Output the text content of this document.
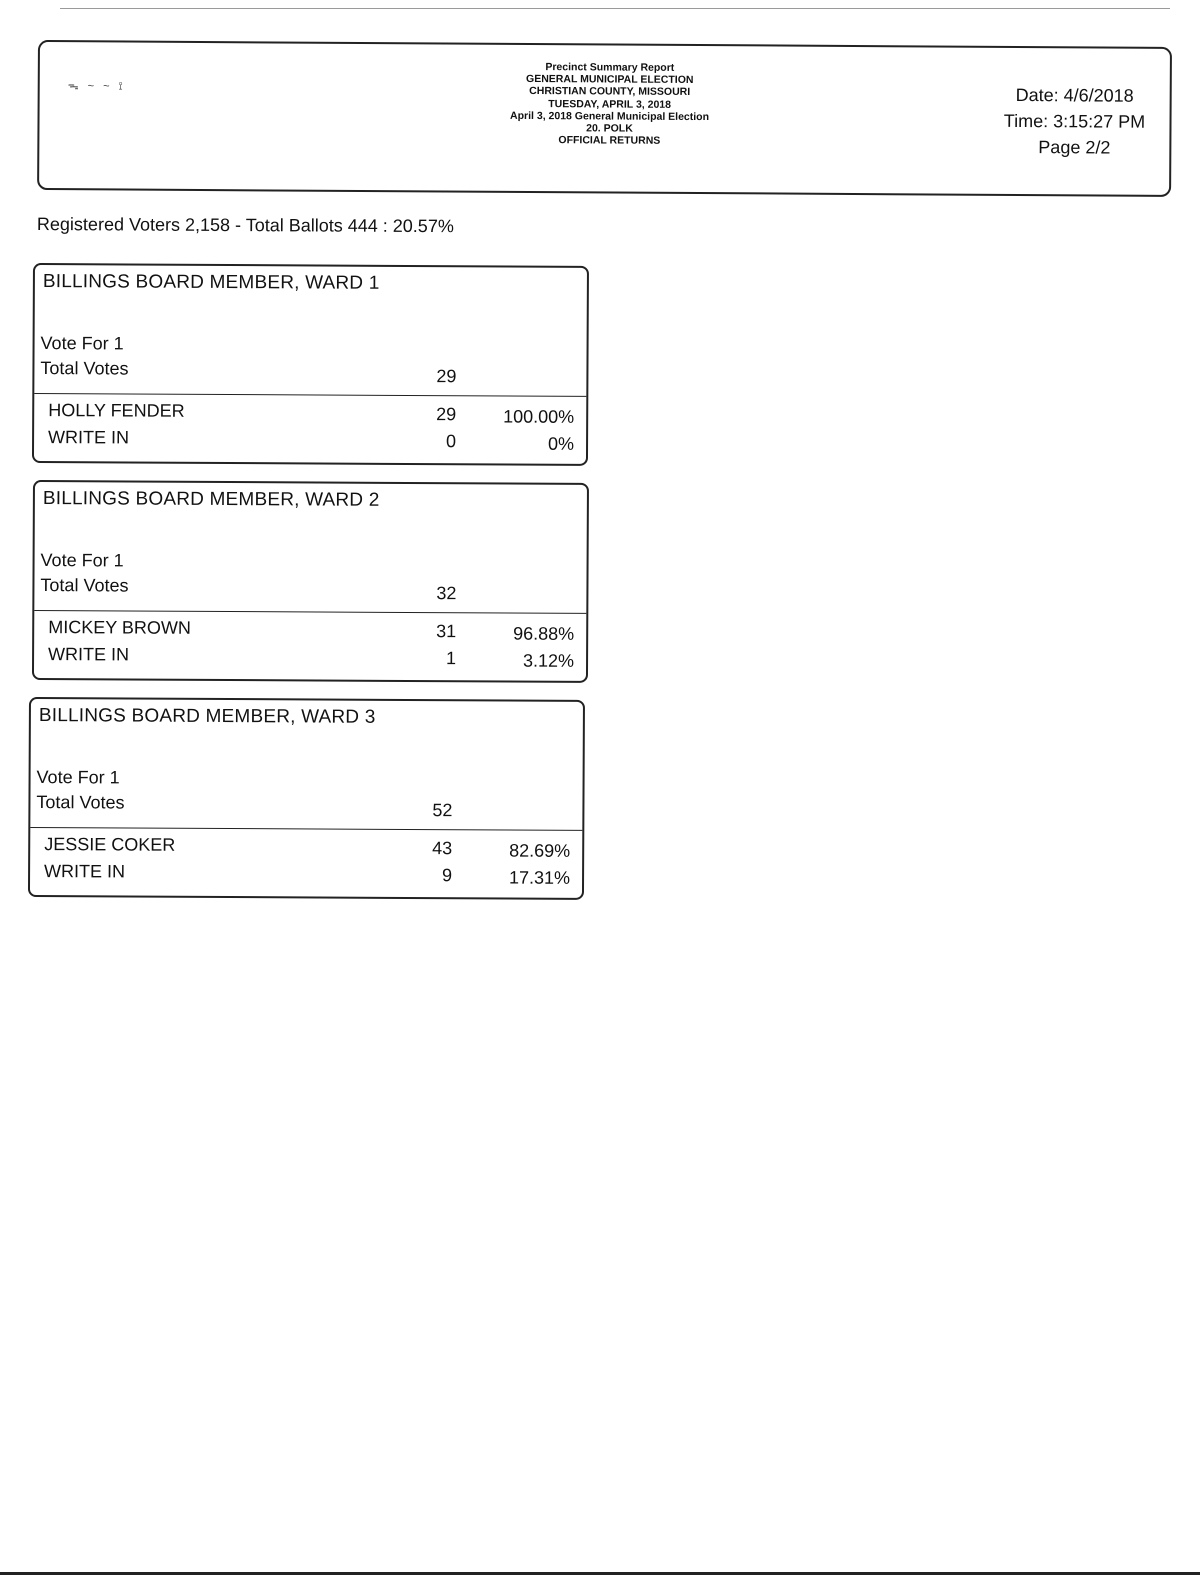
ᯓ ~ ~ ⟟
Precinct Summary Report
GENERAL MUNICIPAL ELECTION
CHRISTIAN COUNTY, MISSOURI
TUESDAY, APRIL 3, 2018
April 3, 2018 General Municipal Election
20. POLK
OFFICIAL RETURNS
Date: 4/6/2018
Time: 3:15:27 PM
Page 2/2
Registered Voters 2,158 - Total Ballots 444 : 20.57%
BILLINGS BOARD MEMBER, WARD 1
Vote For 1
Total Votes	29
HOLLY FENDER	29	100.00%
WRITE IN	0	0%
BILLINGS BOARD MEMBER, WARD 2
Vote For 1
Total Votes	32
MICKEY BROWN	31	96.88%
WRITE IN	1	3.12%
BILLINGS BOARD MEMBER, WARD 3
Vote For 1
Total Votes	52
JESSIE COKER	43	82.69%
WRITE IN	9	17.31%
